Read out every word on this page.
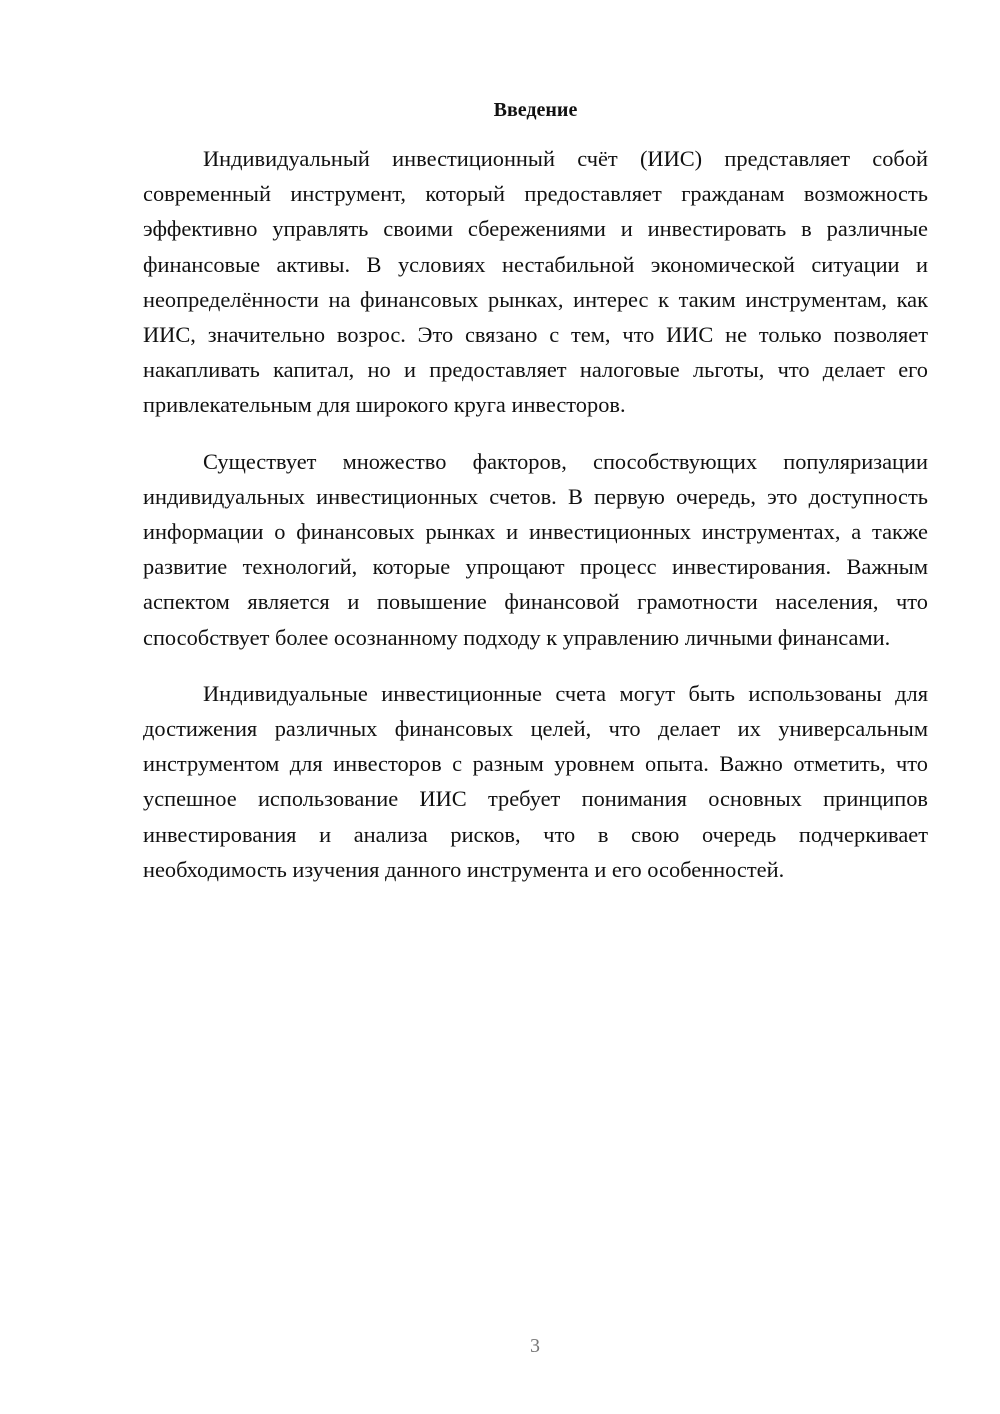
Введение

Индивидуальный инвестиционный счёт (ИИС) представляет собой современный инструмент, который предоставляет гражданам возможность эффективно управлять своими сбережениями и инвестировать в различные финансовые активы. В условиях нестабильной экономической ситуации и неопределённости на финансовых рынках, интерес к таким инструментам, как ИИС, значительно возрос. Это связано с тем, что ИИС не только позволяет накапливать капитал, но и предоставляет налоговые льготы, что делает его привлекательным для широкого круга инвесторов.

Существует множество факторов, способствующих популяризации индивидуальных инвестиционных счетов. В первую очередь, это доступность информации о финансовых рынках и инвестиционных инструментах, а также развитие технологий, которые упрощают процесс инвестирования. Важным аспектом является и повышение финансовой грамотности населения, что способствует более осознанному подходу к управлению личными финансами.

Индивидуальные инвестиционные счета могут быть использованы для достижения различных финансовых целей, что делает их универсальным инструментом для инвесторов с разным уровнем опыта. Важно отметить, что успешное использование ИИС требует понимания основных принципов инвестирования и анализа рисков, что в свою очередь подчеркивает необходимость изучения данного инструмента и его особенностей.

3
